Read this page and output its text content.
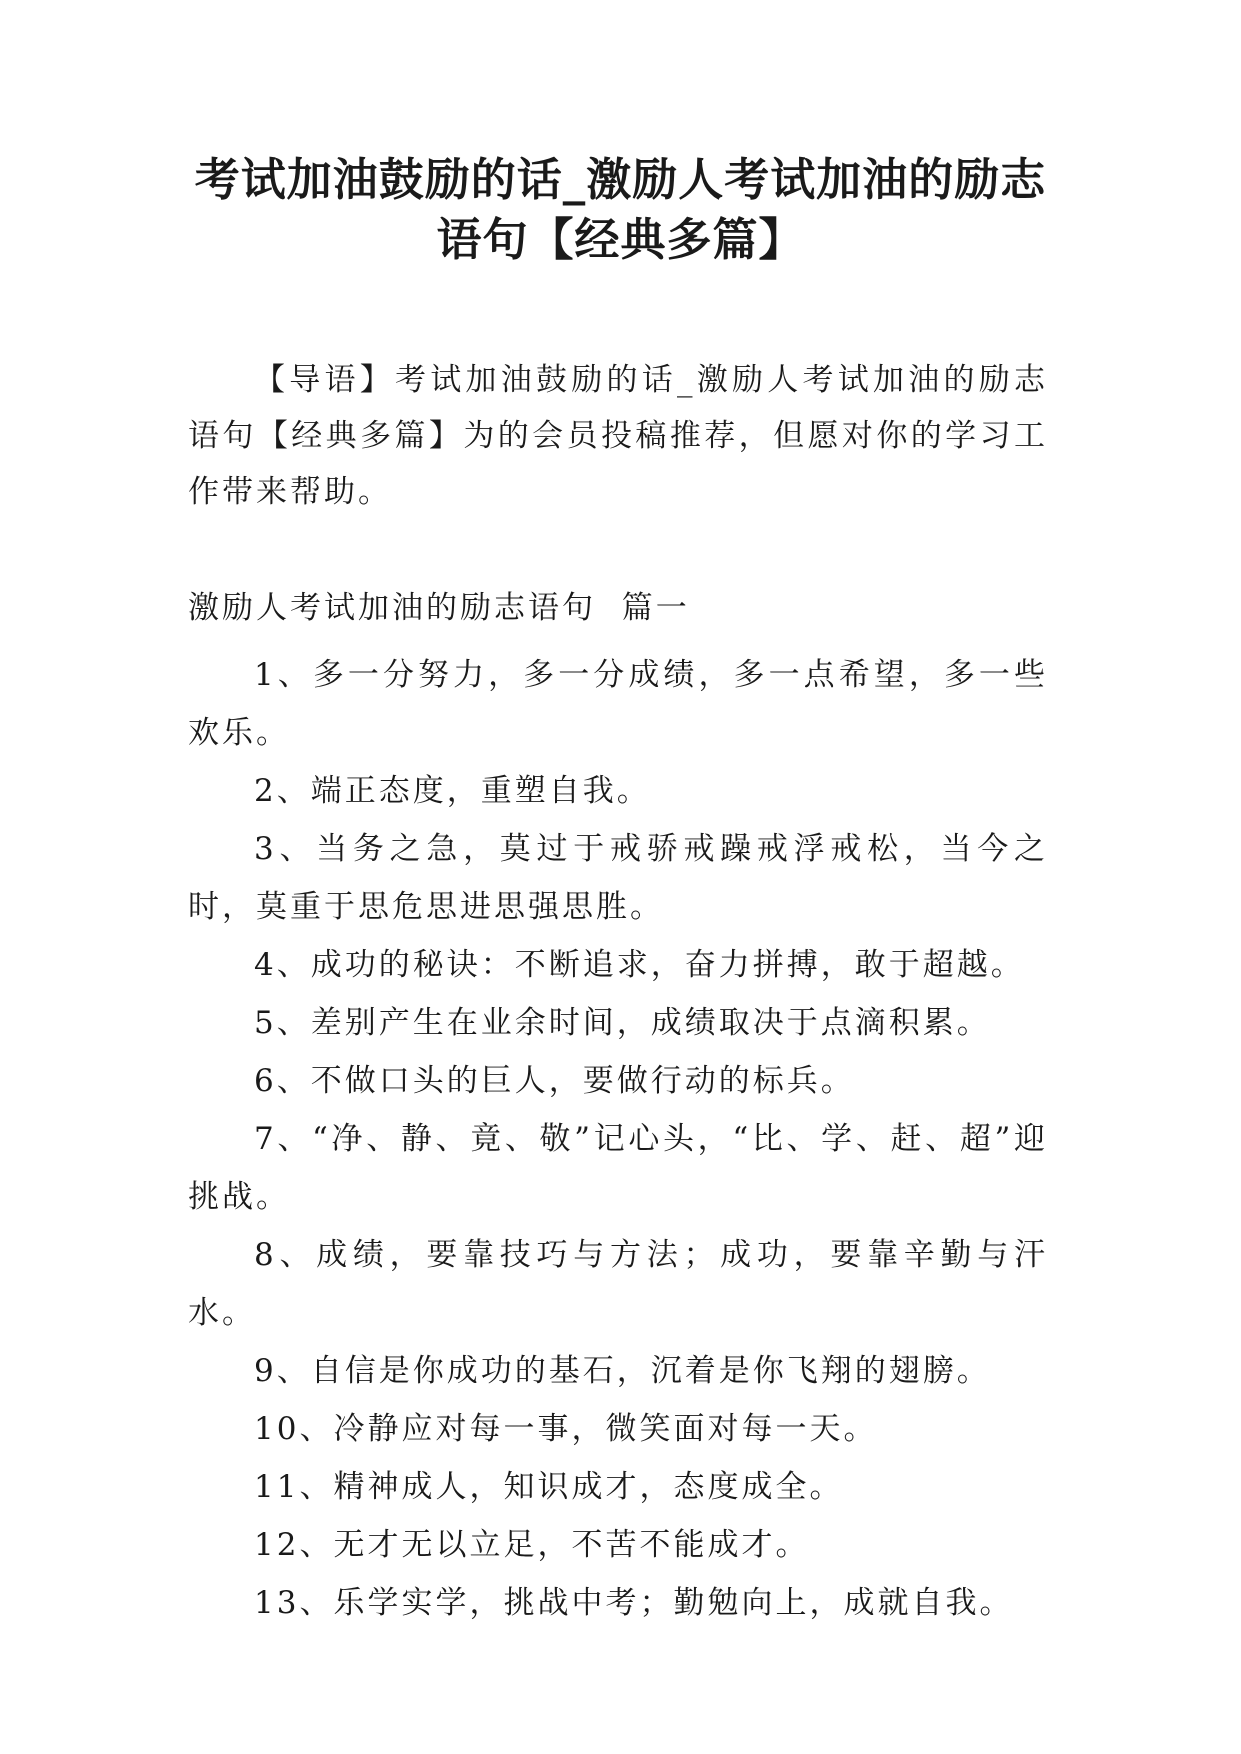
考试加油鼓励的话_激励人考试加油的励志
语句【经典多篇】

【导语】考试加油鼓励的话_激励人考试加油的励志语句【经典多篇】为的会员投稿推荐，但愿对你的学习工作带来帮助。

激励人考试加油的励志语句  篇一
1、多一分努力，多一分成绩，多一点希望，多一些欢乐。
2、端正态度，重塑自我。
3、当务之急，莫过于戒骄戒躁戒浮戒松，当今之时，莫重于思危思进思强思胜。
4、成功的秘诀：不断追求，奋力拼搏，敢于超越。
5、差别产生在业余时间，成绩取决于点滴积累。
6、不做口头的巨人，要做行动的标兵。
7、“净、静、竟、敬”记心头，“比、学、赶、超”迎挑战。
8、成绩，要靠技巧与方法；成功，要靠辛勤与汗水。
9、自信是你成功的基石，沉着是你飞翔的翅膀。
10、冷静应对每一事，微笑面对每一天。
11、精神成人，知识成才，态度成全。
12、无才无以立足，不苦不能成才。
13、乐学实学，挑战中考；勤勉向上，成就自我。
